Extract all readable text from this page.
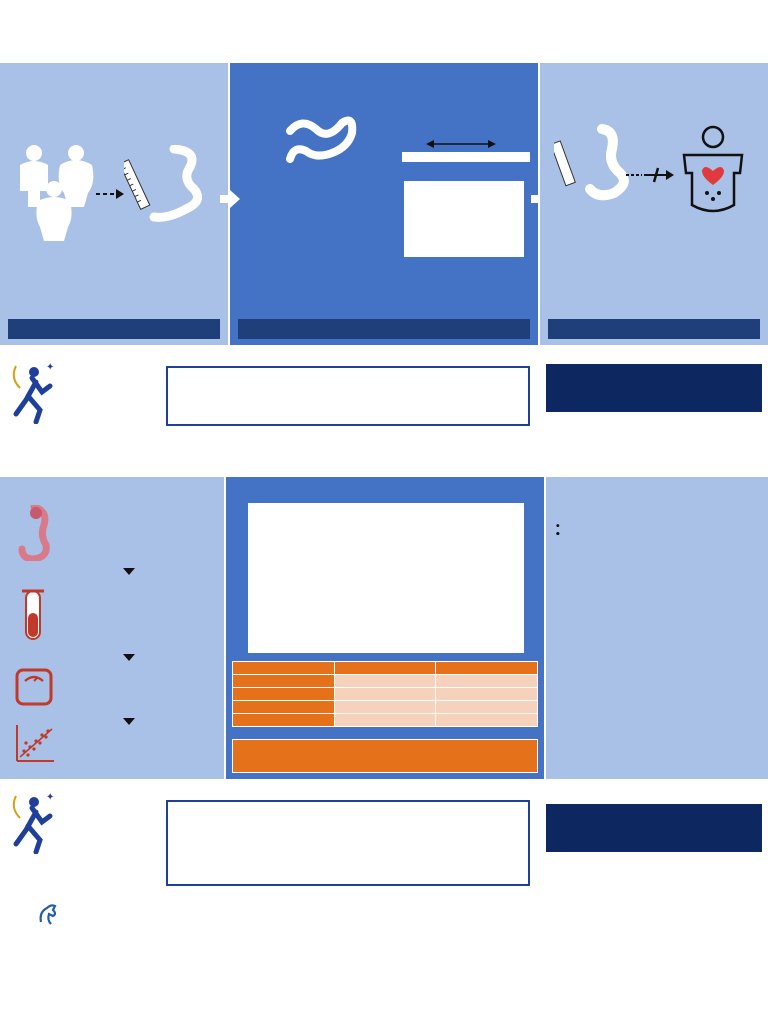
✦

✦
